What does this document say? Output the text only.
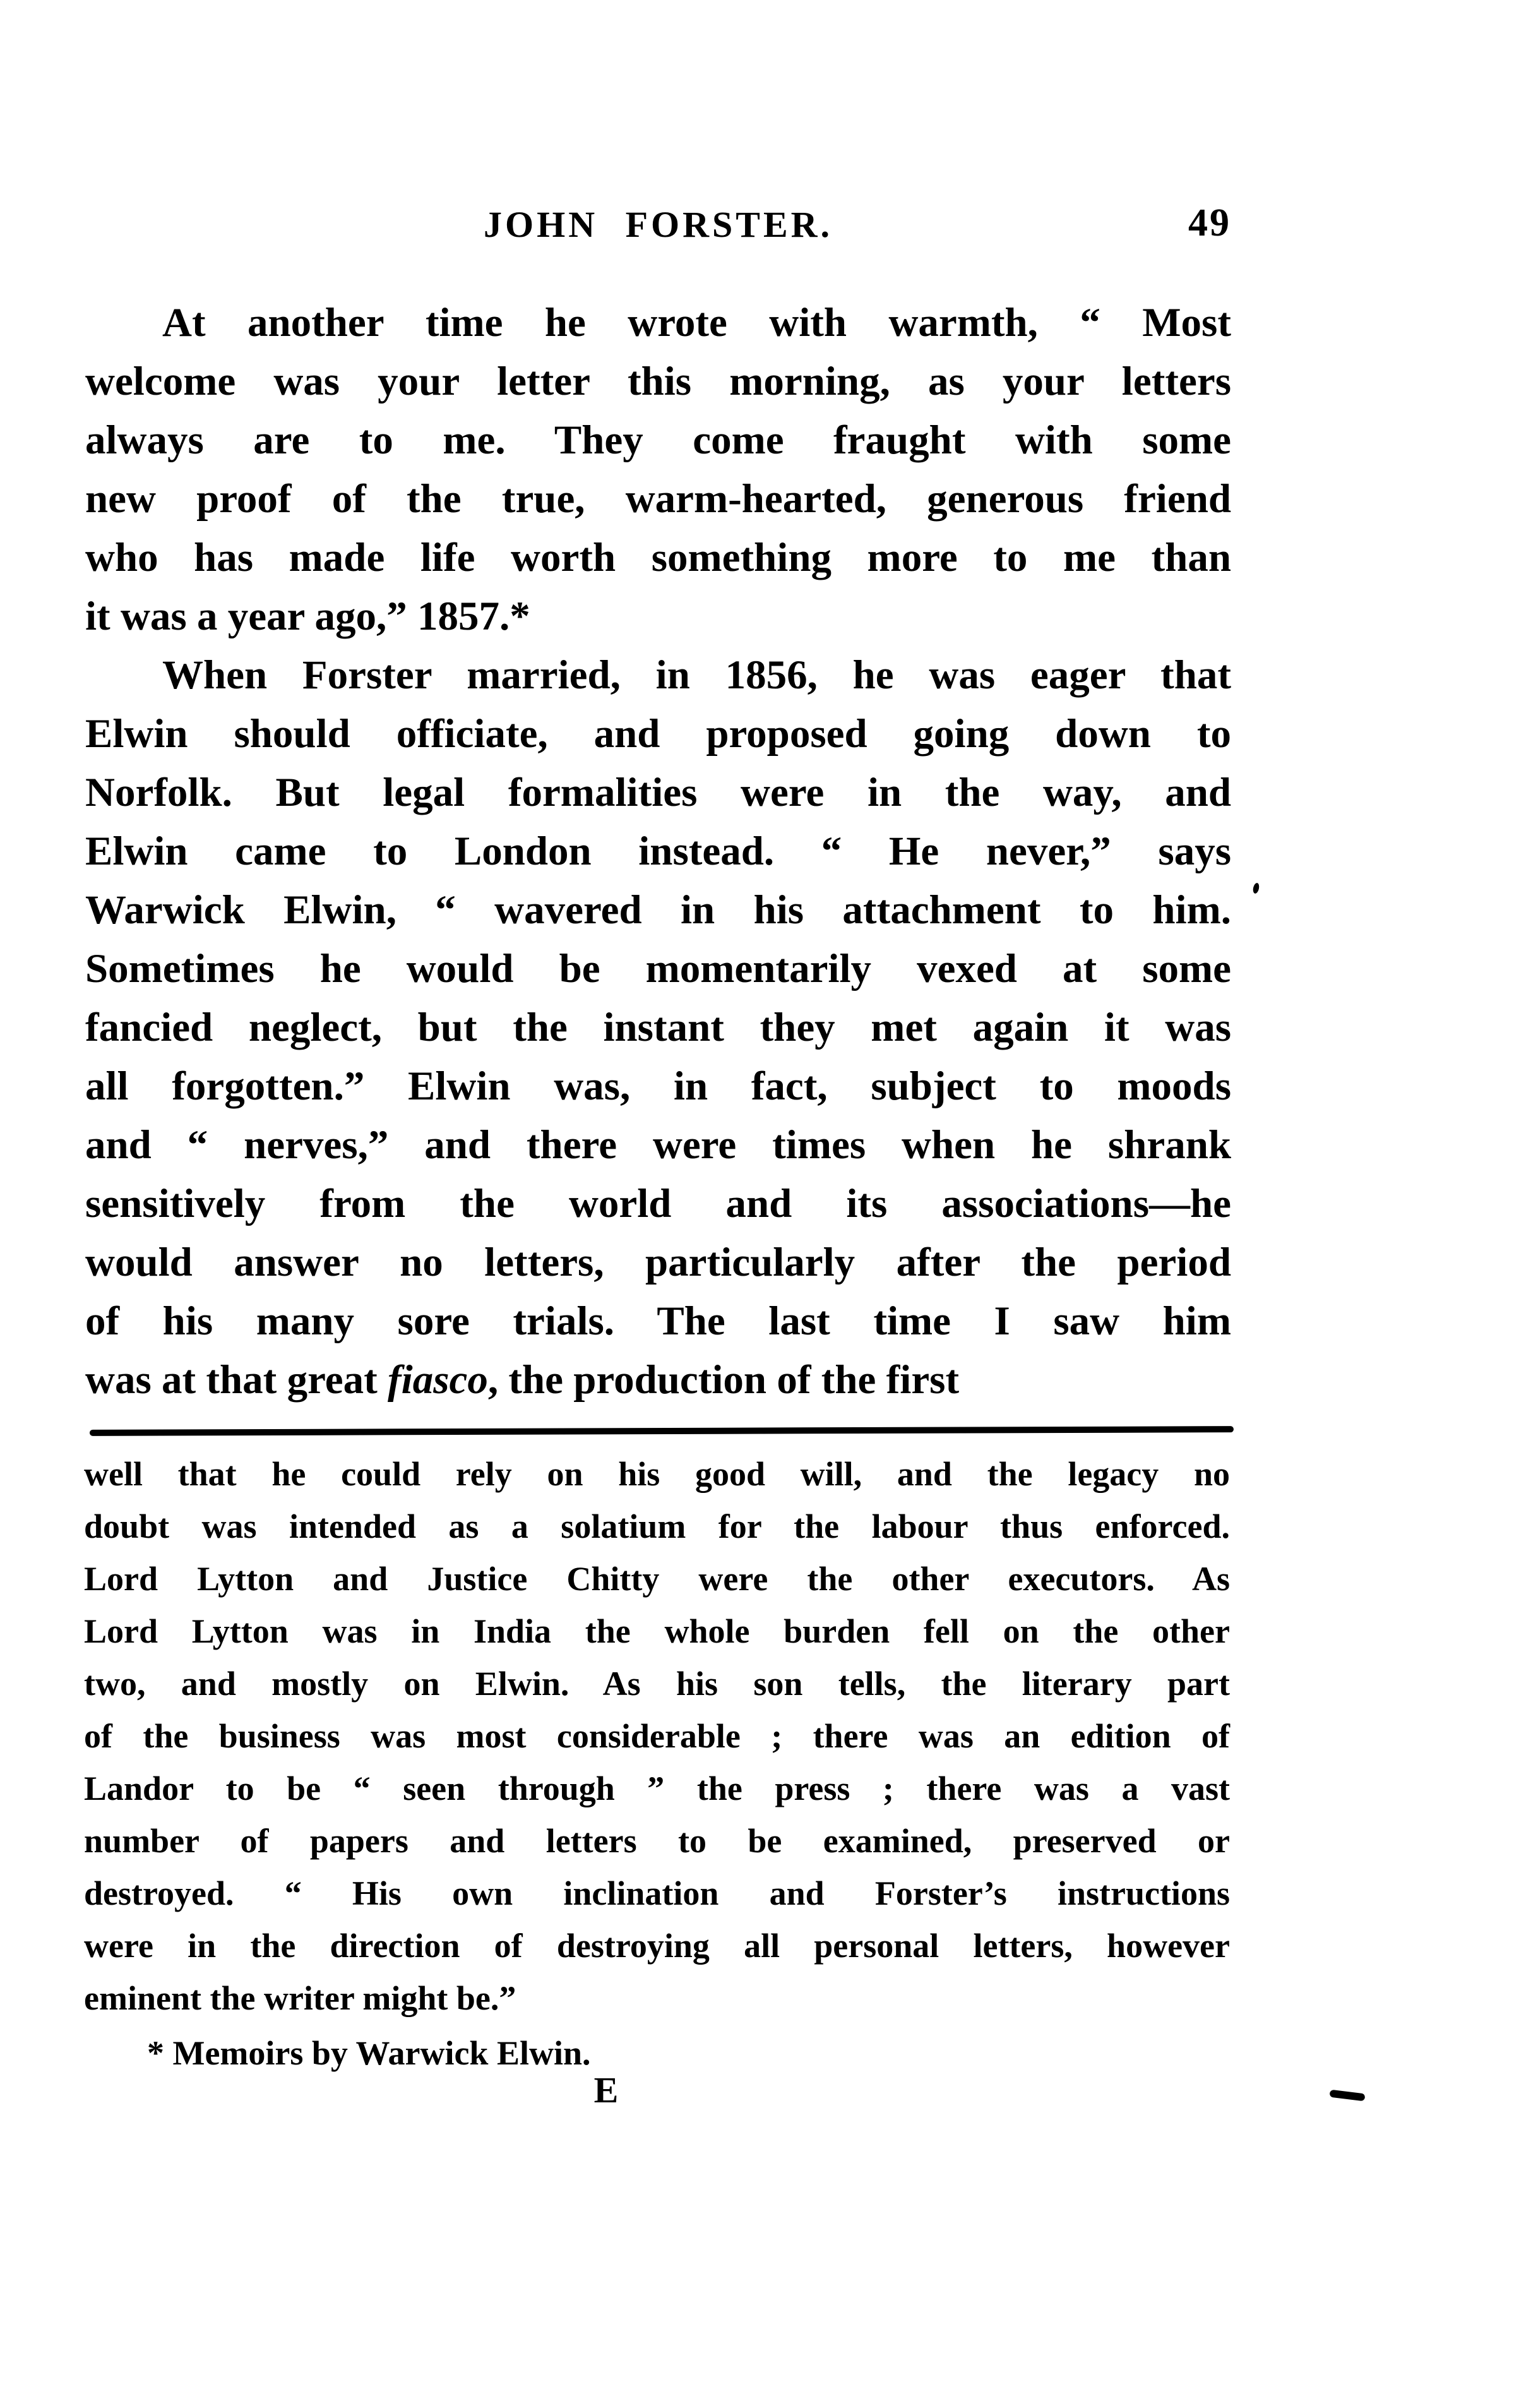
JOHN FORSTER.	49
At another time he wrote with warmth, “ Most
welcome was your letter this morning, as your letters
always are to me. They come fraught with some
new proof of the true, warm-hearted, generous friend
who has made life worth something more to me than
it was a year ago,” 1857.*
When Forster married, in 1856, he was eager that
Elwin should officiate, and proposed going down to
Norfolk. But legal formalities were in the way, and
Elwin came to London instead. “ He never,” says
Warwick Elwin, “ wavered in his attachment to him.
Sometimes he would be momentarily vexed at some
fancied neglect, but the instant they met again it was
all forgotten.” Elwin was, in fact, subject to moods
and “ nerves,” and there were times when he shrank
sensitively from the world and its associations—he
would answer no letters, particularly after the period
of his many sore trials. The last time I saw him
was at that great fiasco, the production of the first
well that he could rely on his good will, and the legacy no
doubt was intended as a solatium for the labour thus enforced.
Lord Lytton and Justice Chitty were the other executors. As
Lord Lytton was in India the whole burden fell on the other
two, and mostly on Elwin. As his son tells, the literary part
of the business was most considerable ; there was an edition of
Landor to be “ seen through ” the press ; there was a vast
number of papers and letters to be examined, preserved or
destroyed. “ His own inclination and Forster’s instructions
were in the direction of destroying all personal letters, however
eminent the writer might be.”
* Memoirs by Warwick Elwin.
E
